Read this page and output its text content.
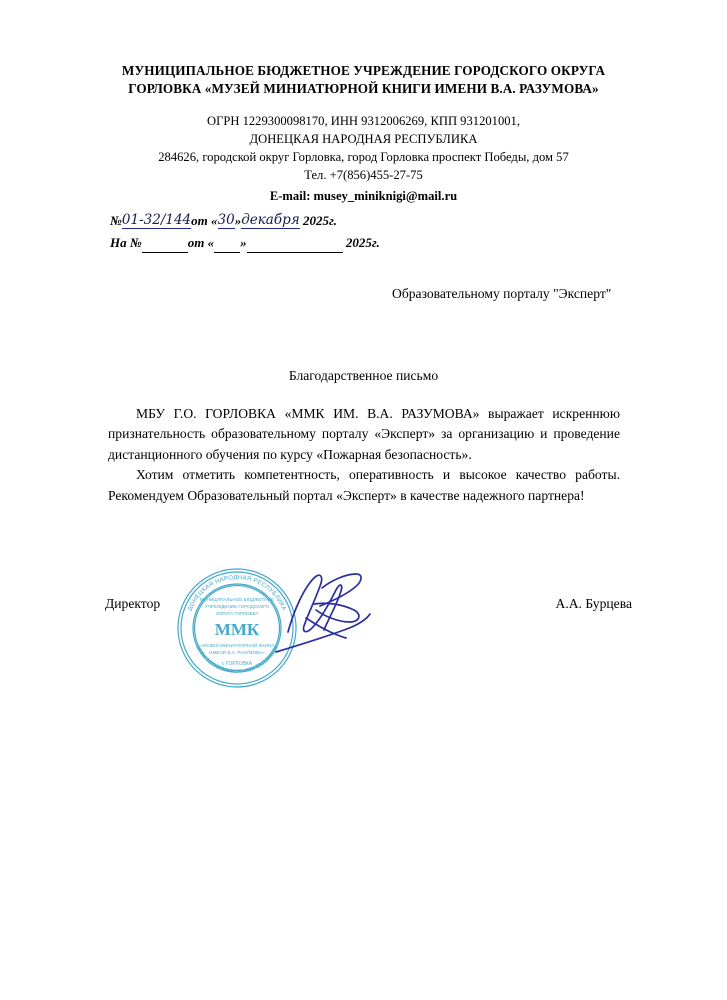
МУНИЦИПАЛЬНОЕ БЮДЖЕТНОЕ УЧРЕЖДЕНИЕ ГОРОДСКОГО ОКРУГА
ГОРЛОВКА «МУЗЕЙ МИНИАТЮРНОЙ КНИГИ ИМЕНИ В.А. РАЗУМОВА»
ОГРН 1229300098170, ИНН 9312006269, КПП 931201001,
ДОНЕЦКАЯ НАРОДНАЯ РЕСПУБЛИКА
284626, городской округ Горловка, город Горловка проспект Победы, дом 57
Тел. +7(856)455-27-75
E-mail: musey_miniknigi@mail.ru
№01-32/144от «30»декабря 2025г.
На №	от « »	2025г.
Образовательному порталу "Эксперт"
Благодарственное письмо

МБУ Г.О. ГОРЛОВКА «ММК ИМ. В.А. РАЗУМОВА» выражает искреннюю признательность образовательному порталу «Эксперт» за организацию и проведение дистанционного обучения по курсу «Пожарная безопасность».

Хотим отметить компетентность, оперативность и высокое качество работы. Рекомендуем Образовательный портал «Эксперт» в качестве надежного партнера!

Директор	А.А. Бурцева
ДОНЕЦКАЯ НАРОДНАЯ РЕСПУБЛИКА
ОГРН 1229300098170 ИНН 9312006269
МУНИЦИПАЛЬНОЕ БЮДЖЕТНОЕ
УЧРЕЖДЕНИЕ ГОРОДСКОГО
ОКРУГА ГОРЛОВКА
«МУЗЕЙ МИНИАТЮРНОЙ КНИГИ
ИМЕНИ В.А. РАЗУМОВА»
г. ГОРЛОВКА
ММК
